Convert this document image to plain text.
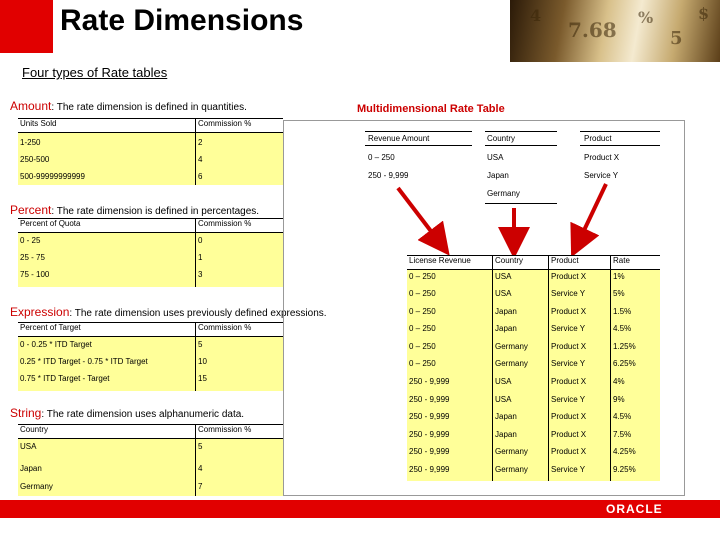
Rate Dimensions	7.68
4	%
5
$
Four types of Rate tables
Amount: The rate dimension is defined in quantities.
Units Sold	Commission %
1-250	2
250-500	4
500-99999999999	6
Percent: The rate dimension is defined in percentages.
Percent of Quota	Commission %
0 - 25	0
25 - 75	1
75 - 100	3
Expression: The rate dimension uses previously defined expressions.
Percent of Target	Commission %
0 - 0.25 * ITD Target	5
0.25 * ITD Target - 0.75 * ITD Target	10
0.75 * ITD Target - Target	15
String: The rate dimension uses alphanumeric data.
Country	Commission %
USA	5
Japan	4
Germany	7
Multidimensional Rate Table
Revenue Amount	Country	Product
0 – 250
250 - 9,999
USA
Japan
Germany
Product X
Service Y
License Revenue	Country	Product	Rate
0 – 250	USA	Product X	1%
0 – 250	USA	Service Y	5%
0 – 250	Japan	Product X	1.5%
0 – 250	Japan	Service Y	4.5%
0 – 250	Germany	Product X	1.25%
0 – 250	Germany	Service Y	6.25%
250 - 9,999	USA	Product X	4%
250 - 9,999	USA	Service Y	9%
250 - 9,999	Japan	Product X	4.5%
250 - 9,999	Japan	Product X	7.5%
250 - 9,999	Germany	Product X	4.25%
250 - 9,999	Germany	Service Y	9.25%
ORACLE
